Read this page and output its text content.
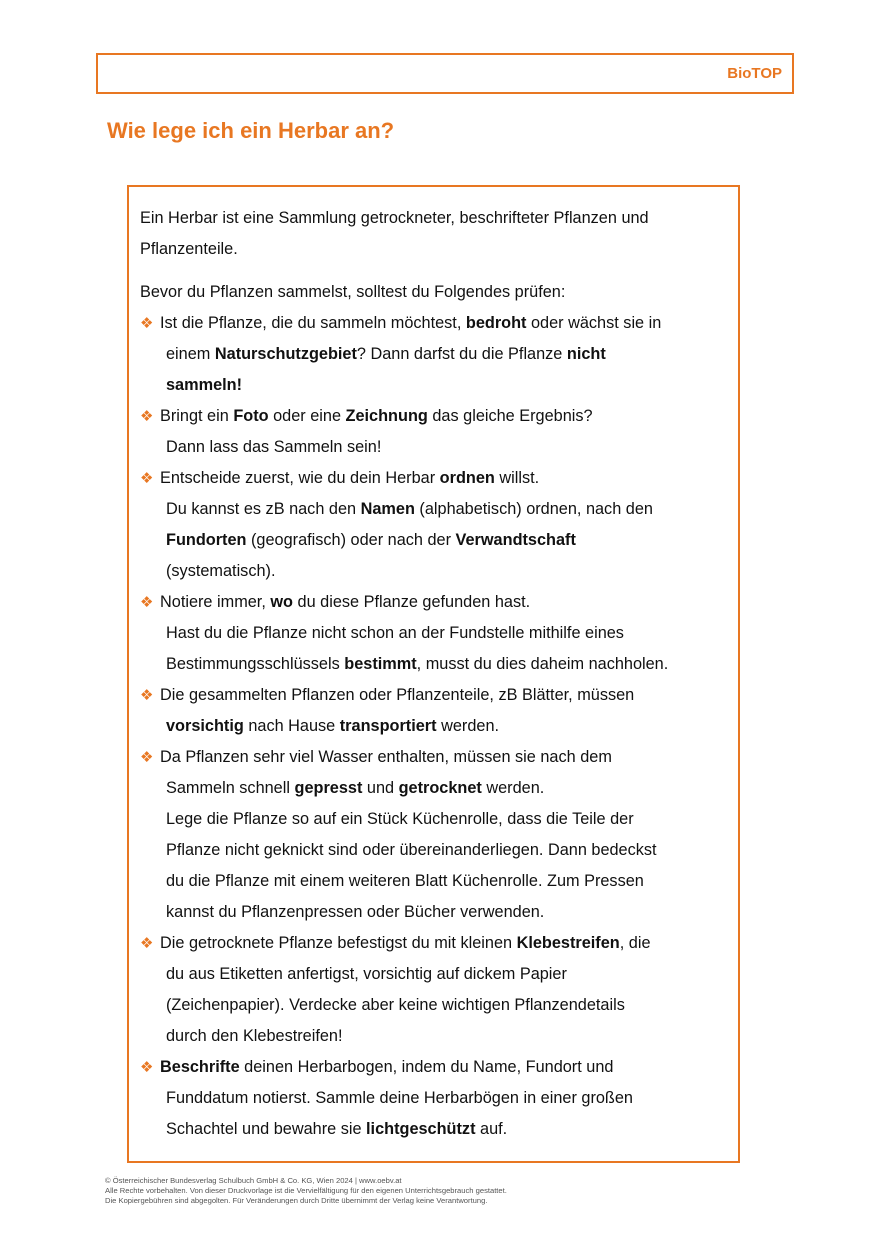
BioTOP
Wie lege ich ein Herbar an?

Ein Herbar ist eine Sammlung getrockneter, beschrifteter Pflanzen und
Pflanzenteile.

Bevor du Pflanzen sammelst, solltest du Folgendes prüfen:

❖ Ist die Pflanze, die du sammeln möchtest, bedroht oder wächst sie in
einem Naturschutzgebiet? Dann darfst du die Pflanze nicht
sammeln!
❖ Bringt ein Foto oder eine Zeichnung das gleiche Ergebnis?
Dann lass das Sammeln sein!
❖ Entscheide zuerst, wie du dein Herbar ordnen willst.
Du kannst es zB nach den Namen (alphabetisch) ordnen, nach den
Fundorten (geografisch) oder nach der Verwandtschaft
(systematisch).
❖ Notiere immer, wo du diese Pflanze gefunden hast.
Hast du die Pflanze nicht schon an der Fundstelle mithilfe eines
Bestimmungsschlüssels bestimmt, musst du dies daheim nachholen.
❖ Die gesammelten Pflanzen oder Pflanzenteile, zB Blätter, müssen
vorsichtig nach Hause transportiert werden.
❖ Da Pflanzen sehr viel Wasser enthalten, müssen sie nach dem
Sammeln schnell gepresst und getrocknet werden.
Lege die Pflanze so auf ein Stück Küchenrolle, dass die Teile der
Pflanze nicht geknickt sind oder übereinanderliegen. Dann bedeckst
du die Pflanze mit einem weiteren Blatt Küchenrolle. Zum Pressen
kannst du Pflanzenpressen oder Bücher verwenden.
❖ Die getrocknete Pflanze befestigst du mit kleinen Klebestreifen, die
du aus Etiketten anfertigst, vorsichtig auf dickem Papier
(Zeichenpapier). Verdecke aber keine wichtigen Pflanzendetails
durch den Klebestreifen!
❖ Beschrifte deinen Herbarbogen, indem du Name, Fundort und
Funddatum notierst. Sammle deine Herbarbögen in einer großen
Schachtel und bewahre sie lichtgeschützt auf.
© Österreichischer Bundesverlag Schulbuch GmbH & Co. KG, Wien 2024 | www.oebv.at
Alle Rechte vorbehalten. Von dieser Druckvorlage ist die Vervielfältigung für den eigenen Unterrichtsgebrauch gestattet.
Die Kopiergebühren sind abgegolten. Für Veränderungen durch Dritte übernimmt der Verlag keine Verantwortung.
